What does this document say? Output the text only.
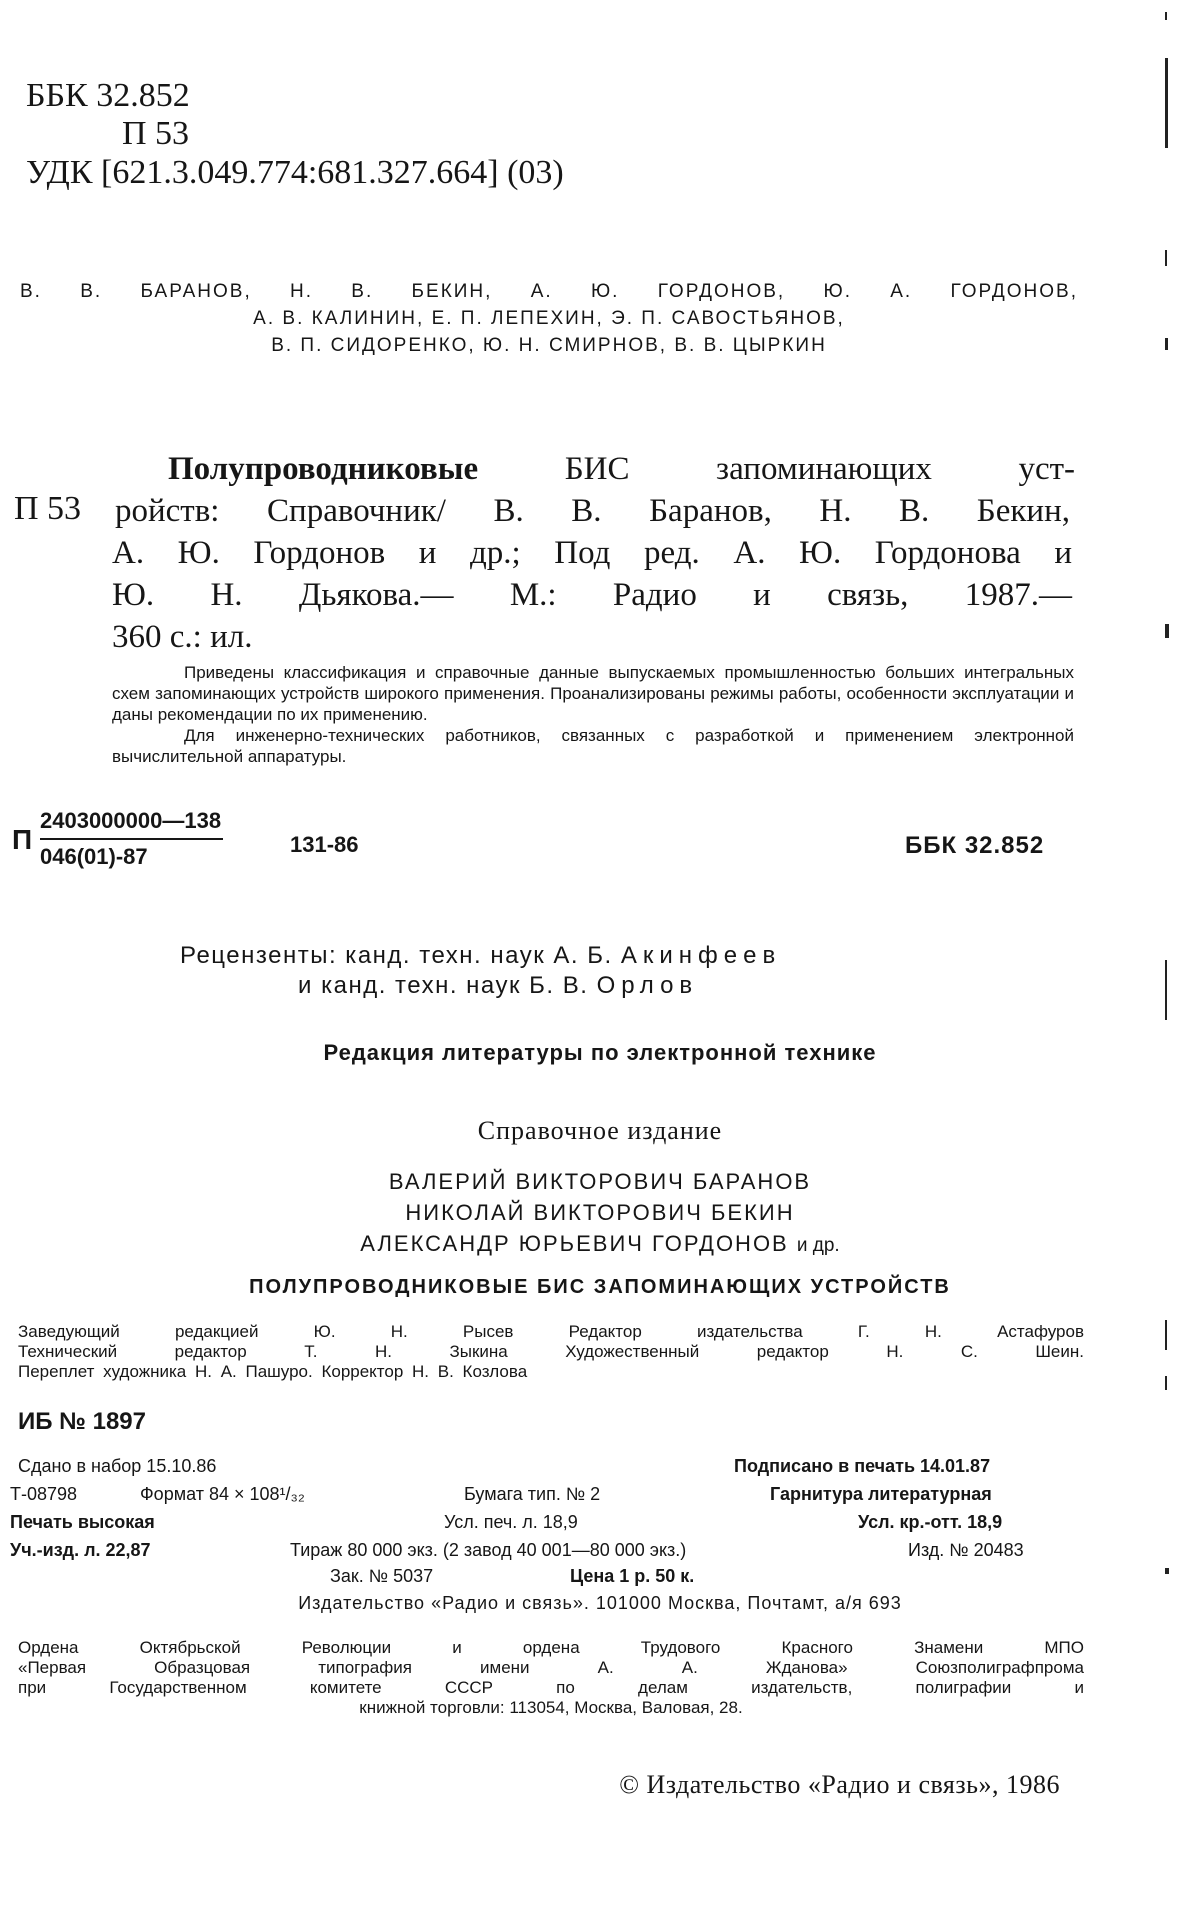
ББК 32.852
П 53
УДК [621.3.049.774:681.327.664] (03)
В. В. БАРАНОВ, Н. В. БЕКИН, А. Ю. ГОРДОНОВ, Ю. А. ГОРДОНОВ,
А. В. КАЛИНИН, Е. П. ЛЕПЕХИН, Э. П. САВОСТЬЯНОВ,
В. П. СИДОРЕНКО, Ю. Н. СМИРНОВ, В. В. ЦЫРКИН
Полупроводниковые	БИС запоминающих уст-
П 53 ройств: Справочник/ В. В. Баранов, Н. В. Бекин,
А. Ю. Гордонов и др.; Под ред. А. Ю. Гордонова и
Ю. Н. Дьякова.— М.: Радио и связь, 1987.—
360 с.: ил.

Приведены классификация и справочные данные выпускаемых промышленностью больших интегральных схем запоминающих устройств широкого применения. Проанализированы режимы работы, особенности эксплуатации и даны рекомендации по их применению.

Для инженерно-технических работников, связанных с разработкой и применением электронной вычислительной аппаратуры.

П $\frac{2403000000—138}{046(01)-87}$	131-86	ББК 32.852
Рецензенты: канд. техн. наук А. Б. Акинфеев
и канд. техн. наук Б. В. Орлов
Редакция литературы по электронной технике
Справочное издание
ВАЛЕРИЙ ВИКТОРОВИЧ БАРАНОВ
НИКОЛАЙ ВИКТОРОВИЧ БЕКИН
АЛЕКСАНДР ЮРЬЕВИЧ ГОРДОНОВ и др.
ПОЛУПРОВОДНИКОВЫЕ БИС ЗАПОМИНАЮЩИХ УСТРОЙСТВ
Заведующий редакцией Ю. Н. Рысев Редактор издательства Г. Н. Астафуров
Технический редактор Т. Н. Зыкина Художественный редактор Н. С. Шеин.
Переплет художника Н. А. Пашуро. Корректор Н. В. Козлова
ИБ № 1897
Сдано в набор 15.10.86	Подписано в печать 14.01.87
Т-08798	Формат 84 × 108¹/₃₂	Бумага тип. № 2	Гарнитура литературная
Печать высокая	Усл. печ. л. 18,9	Усл. кр.-отт. 18,9
Уч.-изд. л. 22,87	Тираж 80 000 экз. (2 завод 40 001—80 000 экз.)	Изд. № 20483
Зак. № 5037	Цена 1 р. 50 к.
Издательство «Радио и связь». 101000 Москва, Почтамт, а/я 693
Ордена Октябрьской Революции и ордена Трудового Красного Знамени МПО
«Первая Образцовая типография имени А. А. Жданова» Союзполиграфпрома
при Государственном комитете СССР по делам издательств, полиграфии и
книжной торговли: 113054, Москва, Валовая, 28.
© Издательство «Радио и связь», 1986
